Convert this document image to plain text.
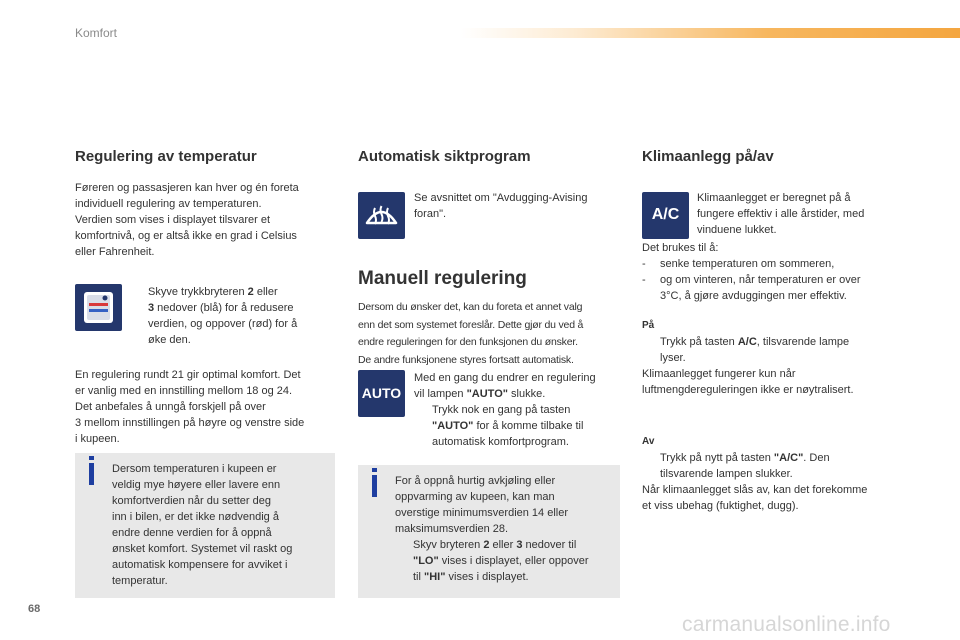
Komfort
Regulering av temperatur
Føreren og passasjeren kan hver og én foreta
individuell regulering av temperaturen.
Verdien som vises i displayet tilsvarer et
komfortnivå, og er altså ikke en grad i Celsius
eller Fahrenheit.
Skyve trykkbryteren 2 eller
3 nedover (blå) for å redusere
verdien, og oppover (rød) for å
øke den.
En regulering rundt 21 gir optimal komfort. Det
er vanlig med en innstilling mellom 18 og 24.
Det anbefales å unngå forskjell på over
3 mellom innstillingen på høyre og venstre side
i kupeen.
Dersom temperaturen i kupeen er
veldig mye høyere eller lavere enn
komfortverdien når du setter deg
inn i bilen, er det ikke nødvendig å
endre denne verdien for å oppnå
ønsket komfort. Systemet vil raskt og
automatisk kompensere for avviket i
temperatur.
Automatisk siktprogram
Se avsnittet om "Avdugging-Avising
foran".
Manuell regulering
Dersom du ønsker det, kan du foreta et annet valg
enn det som systemet foreslår. Dette gjør du ved å
endre reguleringen for den funksjonen du ønsker.
De andre funksjonene styres fortsatt automatisk.
AUTO
Med en gang du endrer en regulering
vil lampen "AUTO" slukke.
Trykk nok en gang på tasten
"AUTO" for å komme tilbake til
automatisk komfortprogram.
For å oppnå hurtig avkjøling eller
oppvarming av kupeen, kan man
overstige minimumsverdien 14 eller
maksimumsverdien 28.
Skyv bryteren 2 eller 3 nedover til
"LO" vises i displayet, eller oppover
til "HI" vises i displayet.
Klimaanlegg på/av
A/C
Klimaanlegget er beregnet på å
fungere effektiv i alle årstider, med
vinduene lukket.
Det brukes til å:
-	senke temperaturen om sommeren,
-	og om vinteren, når temperaturen er over
3°C, å gjøre avduggingen mer effektiv.
På
Trykk på tasten A/C, tilsvarende lampe
lyser.
Klimaanlegget fungerer kun når
luftmengdereguleringen ikke er nøytralisert.
Av
Trykk på nytt på tasten "A/C". Den
tilsvarende lampen slukker.
Når klimaanlegget slås av, kan det forekomme
et viss ubehag (fuktighet, dugg).
68
carmanualsonline.info
